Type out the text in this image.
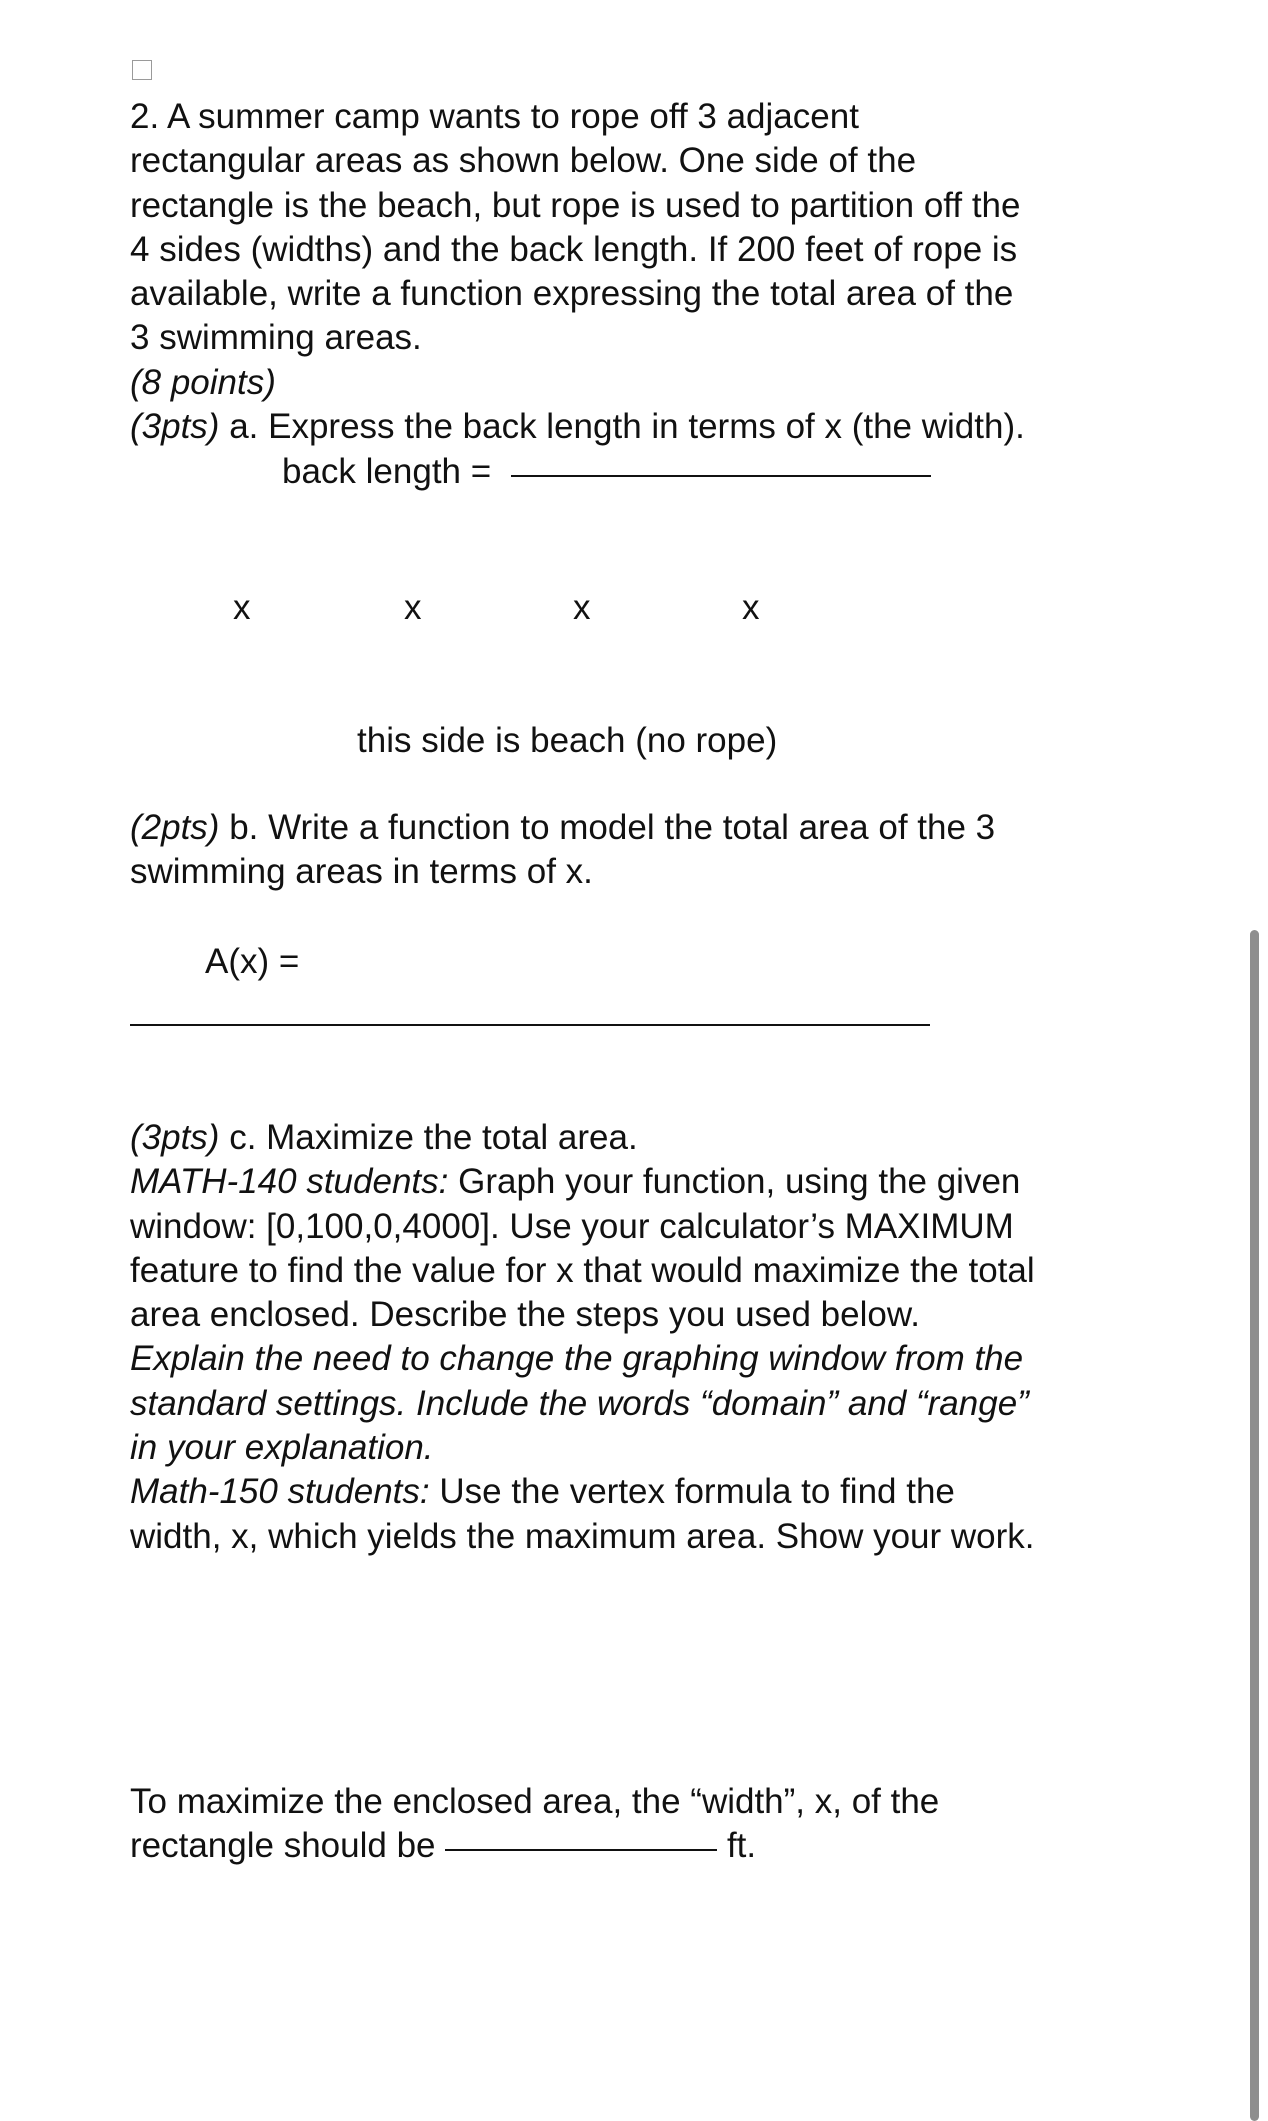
2. A summer camp wants to rope off 3 adjacent
rectangular areas as shown below. One side of the
rectangle is the beach, but rope is used to partition off the
4 sides (widths) and the back length. If 200 feet of rope is
available, write a function expressing the total area of the
3 swimming areas.
(8 points)
(3pts) a. Express the back length in terms of x (the width).
back length =
x	x	x	x
this side is beach (no rope)
(2pts) b. Write a function to model the total area of the 3
swimming areas in terms of x.
A(x) =
(3pts) c. Maximize the total area.
MATH-140 students: Graph your function, using the given
window: [0,100,0,4000]. Use your calculator’s MAXIMUM
feature to find the value for x that would maximize the total
area enclosed. Describe the steps you used below.
Explain the need to change the graphing window from the
standard settings. Include the words “domain” and “range”
in your explanation.
Math-150 students: Use the vertex formula to find the
width, x, which yields the maximum area. Show your work.
To maximize the enclosed area, the “width”, x, of the
rectangle should be	ft.
